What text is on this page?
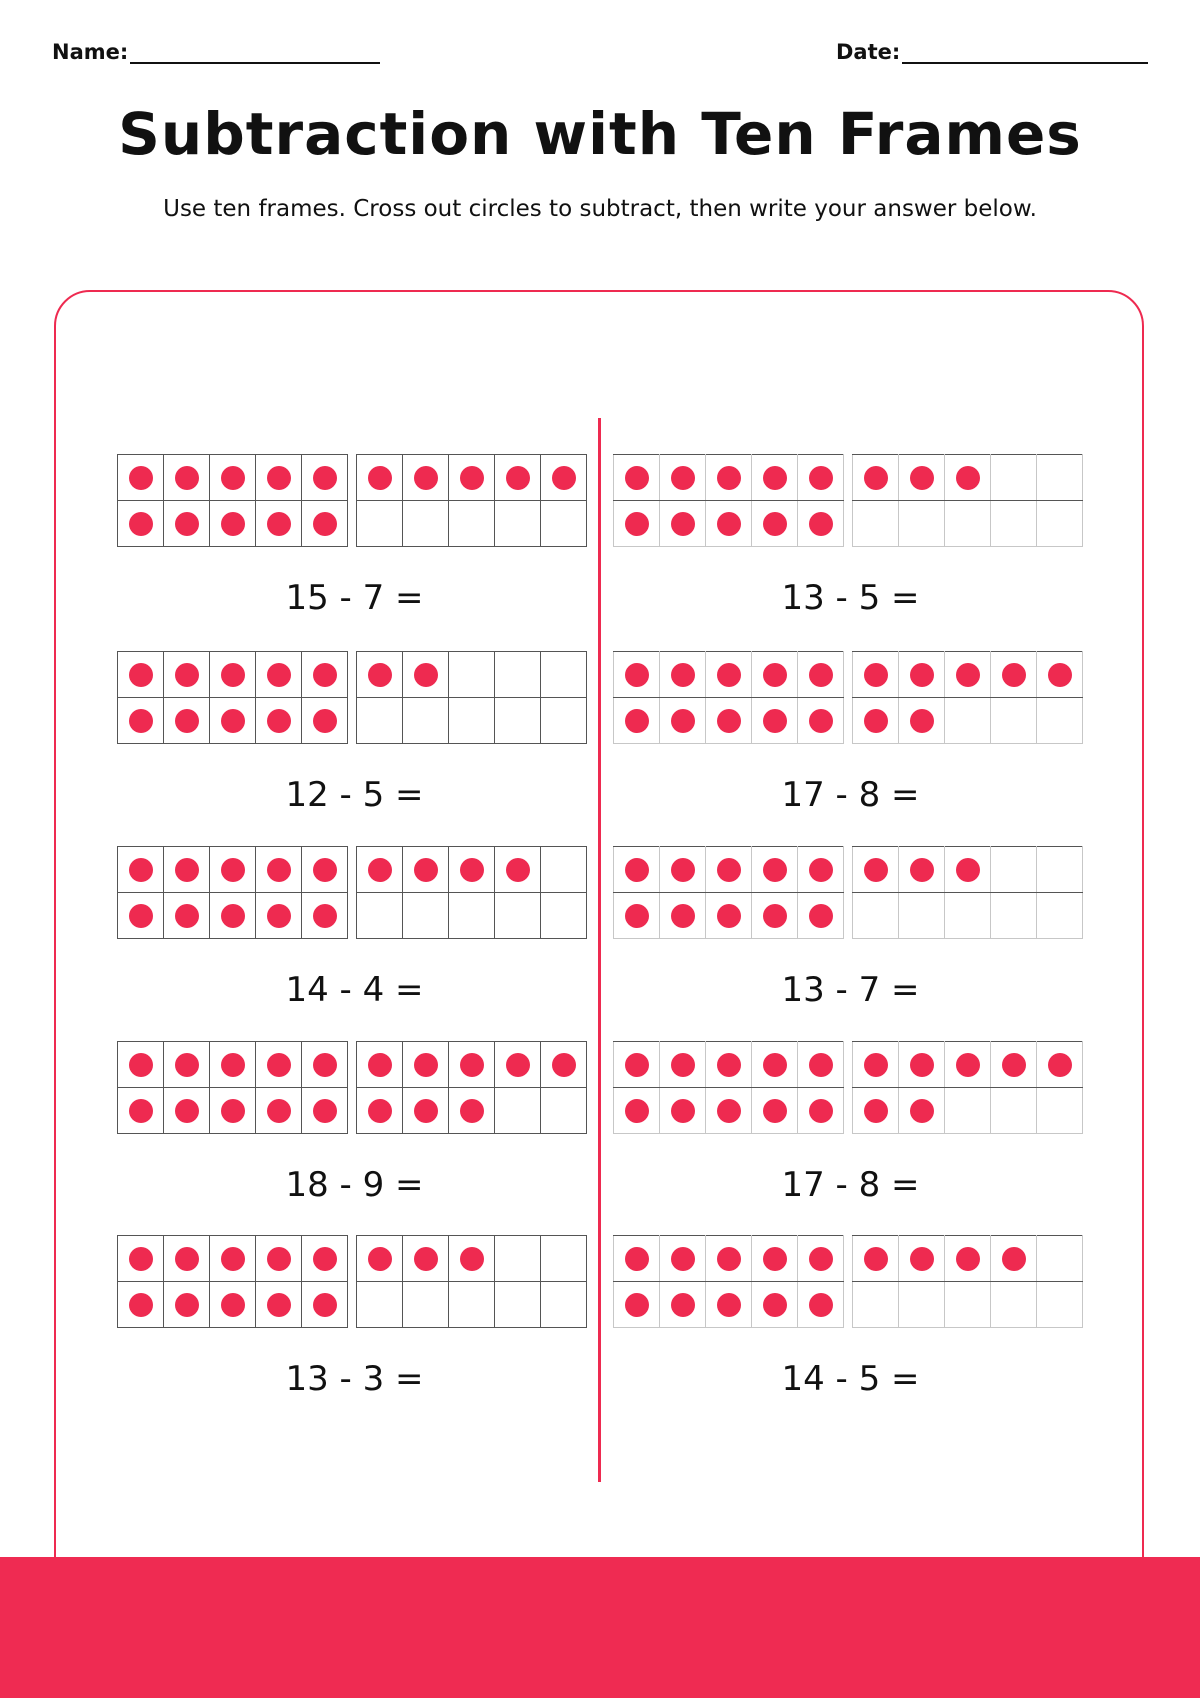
Name:	Date:
Subtraction with Ten Frames
Use ten frames. Cross out circles to subtract, then write your answer below.

15 - 7 =

					13 - 5 =

12 - 5 =

					17 - 8 =

14 - 4 =

					13 - 7 =

18 - 9 =

					17 - 8 =

13 - 3 =

					14 - 5 =
